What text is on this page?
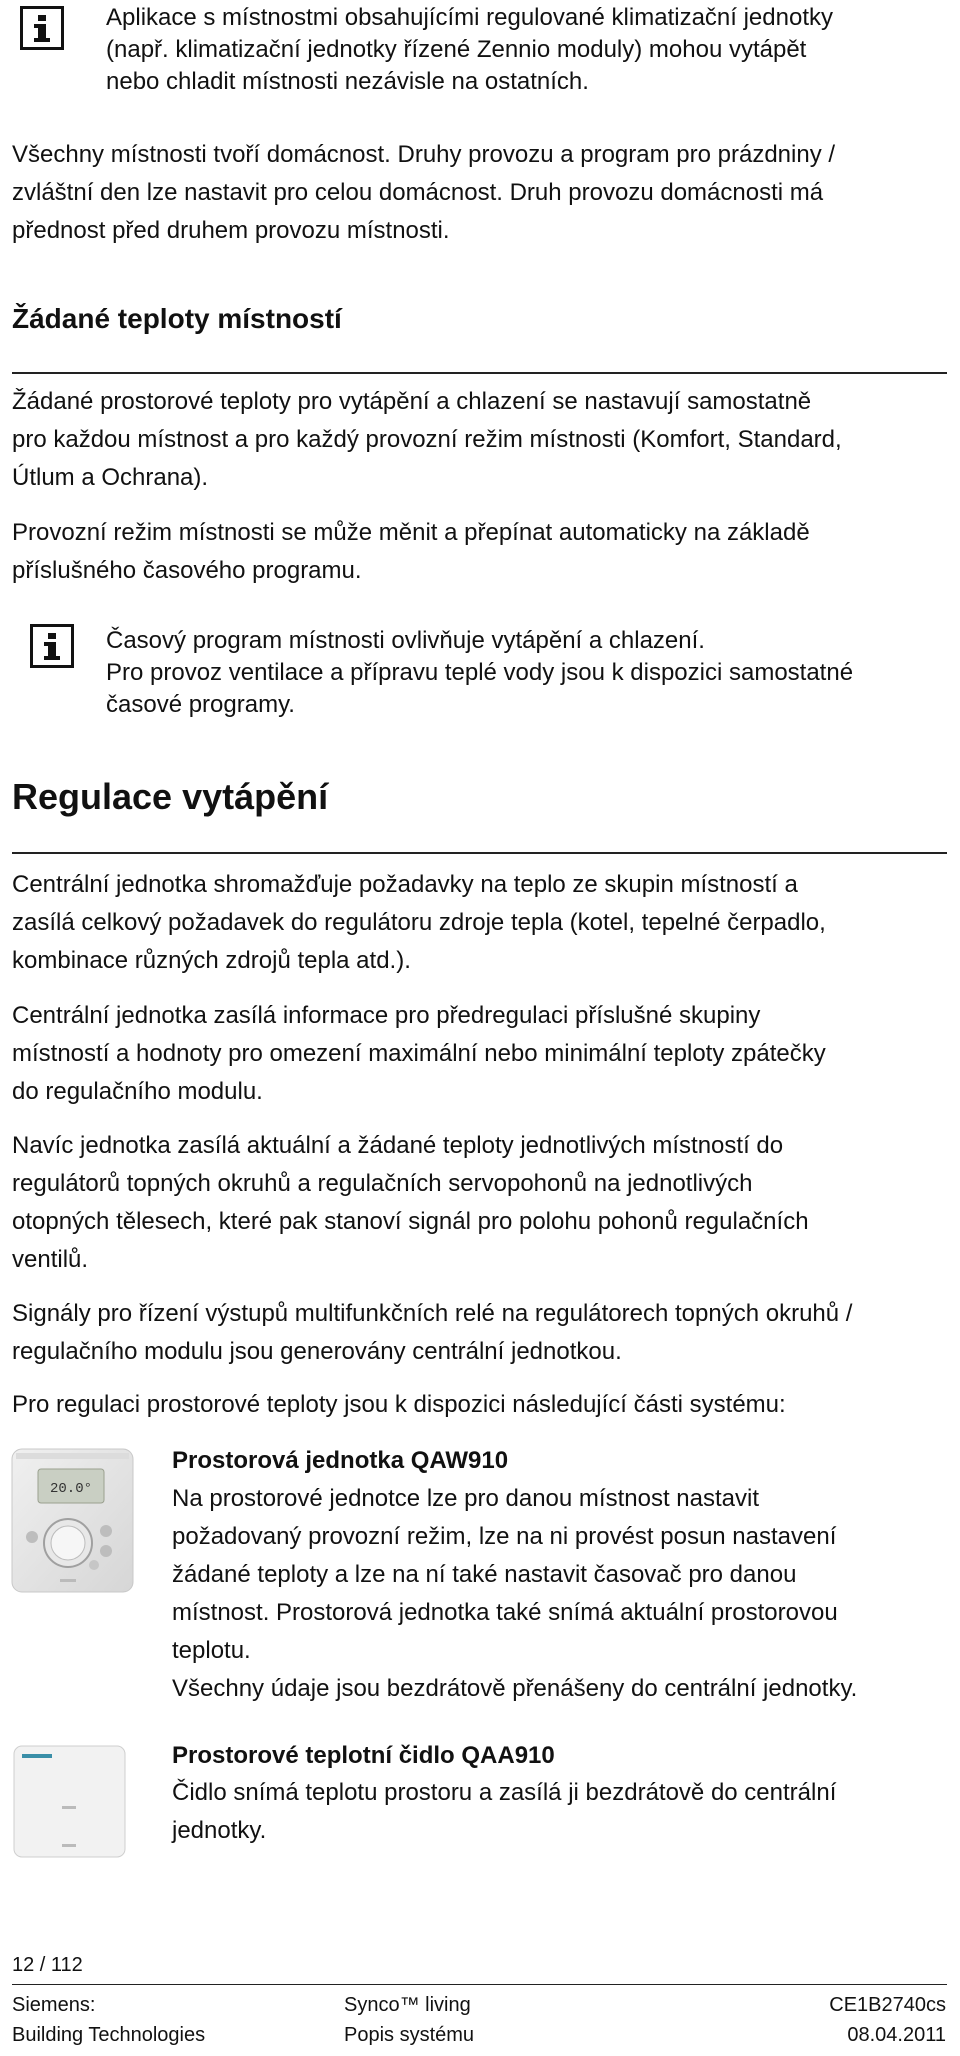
Aplikace s místnostmi obsahujícími regulované klimatizační jednotky
(např. klimatizační jednotky řízené Zennio moduly) mohou vytápět
nebo chladit místnosti nezávisle na ostatních.

Všechny místnosti tvoří domácnost. Druhy provozu a program pro prázdniny /
zvláštní den lze nastavit pro celou domácnost. Druh provozu domácnosti má
přednost před druhem provozu místnosti.

Žádané teploty místností

Žádané prostorové teploty pro vytápění a chlazení se nastavují samostatně
pro každou místnost a pro každý provozní režim místnosti (Komfort, Standard,
Útlum a Ochrana).

Provozní režim místnosti se může měnit a přepínat automaticky na základě
příslušného časového programu.

Časový program místnosti ovlivňuje vytápění a chlazení.
Pro provoz ventilace a přípravu teplé vody jsou k dispozici samostatné
časové programy.
Regulace vytápění

Centrální jednotka shromažďuje požadavky na teplo ze skupin místností a
zasílá celkový požadavek do regulátoru zdroje tepla (kotel, tepelné čerpadlo,
kombinace různých zdrojů tepla atd.).

Centrální jednotka zasílá informace pro předregulaci příslušné skupiny
místností a hodnoty pro omezení maximální nebo minimální teploty zpátečky
do regulačního modulu.

Navíc jednotka zasílá aktuální a žádané teploty jednotlivých místností do
regulátorů topných okruhů a regulačních servopohonů na jednotlivých
otopných tělesech, které pak stanoví signál pro polohu pohonů regulačních
ventilů.

Signály pro řízení výstupů multifunkčních relé na regulátorech topných okruhů /
regulačního modulu jsou generovány centrální jednotkou.

Pro regulaci prostorové teploty jsou k dispozici následující části systému:

20.0°
Prostorová jednotka QAW910
Na prostorové jednotce lze pro danou místnost nastavit
požadovaný provozní režim, lze na ni provést posun nastavení
žádané teploty a lze na ní také nastavit časovač pro danou
místnost. Prostorová jednotka také snímá aktuální prostorovou
teplotu.
Všechny údaje jsou bezdrátově přenášeny do centrální jednotky.
Prostorové teplotní čidlo QAA910
Čidlo snímá teplotu prostoru a zasílá ji bezdrátově do centrální
jednotky.
12 / 112
Siemens:
Building Technologies
Synco™ living
Popis systému
CE1B2740cs
08.04.2011
